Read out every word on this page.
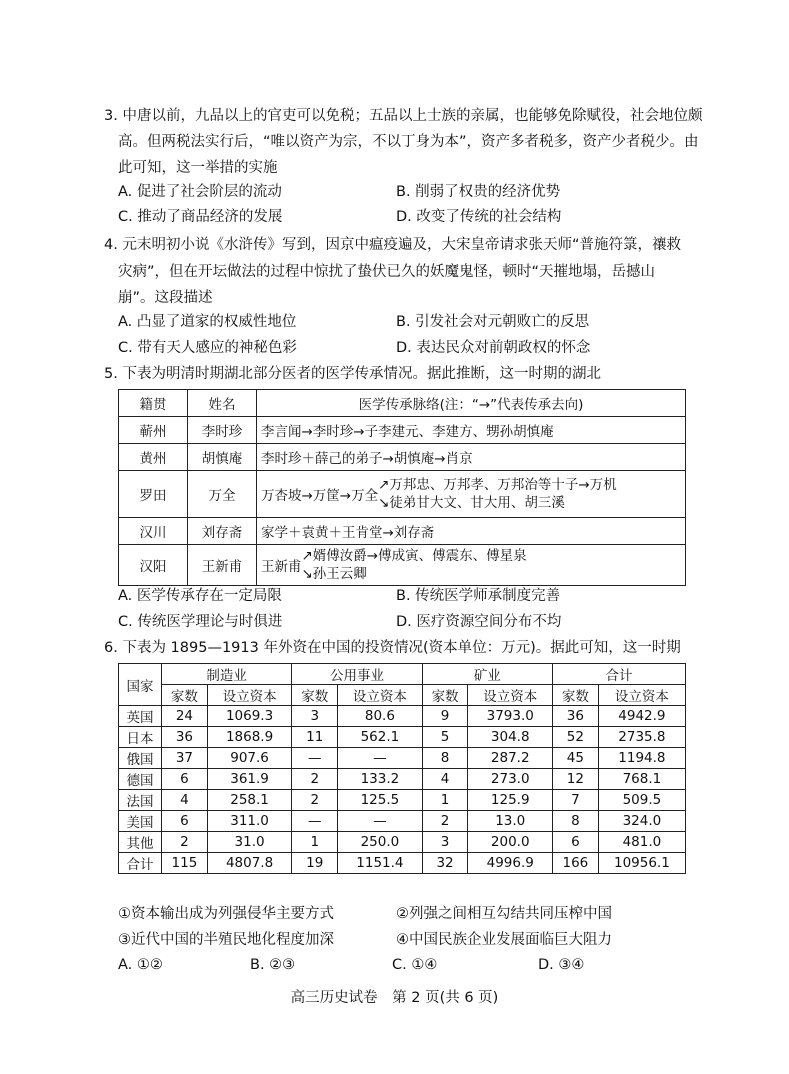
3. 中唐以前，九品以上的官吏可以免税；五品以上士族的亲属，也能够免除赋役，社会地位颇
高。但两税法实行后，“唯以资产为宗，不以丁身为本”，资产多者税多，资产少者税少。由
此可知，这一举措的实施
A. 促进了社会阶层的流动	B. 削弱了权贵的经济优势
C. 推动了商品经济的发展	D. 改变了传统的社会结构
4. 元末明初小说《水浒传》写到，因京中瘟疫遍及，大宋皇帝请求张天师“普施符箓，禳救
灾病”，但在开坛做法的过程中惊扰了蛰伏已久的妖魔鬼怪，顿时“天摧地塌，岳撼山
崩”。这段描述
A. 凸显了道家的权威性地位	B. 引发社会对元朝败亡的反思
C. 带有天人感应的神秘色彩	D. 表达民众对前朝政权的怀念
5. 下表为明清时期湖北部分医者的医学传承情况。据此推断，这一时期的湖北
籍贯	姓名	医学传承脉络(注：“→”代表传承去向)
蕲州	李时珍	李言闻→李时珍→子李建元、李建方、甥孙胡慎庵
黄州	胡慎庵	李时珍＋薛己的弟子→胡慎庵→肖京
罗田	万全	万杏坡→万筐→万全
↗万邦忠、万邦孝、万邦治等十子→万机
↘徒弟甘大文、甘大用、胡三溪

汉川	刘存斋	家学＋袁黄＋王肯堂→刘存斋
汉阳	王新甫	王新甫
↗婿傅汝爵→傅成寅、傅震东、傅星泉
↘孙王云卿
A. 医学传承存在一定局限	B. 传统医学师承制度完善
C. 传统医学理论与时俱进	D. 医疗资源空间分布不均
6. 下表为 1895—1913 年外资在中国的投资情况(资本单位：万元)。据此可知，这一时期
国家	制造业		公用事业		矿业		合计	
	家数	设立资本	家数	设立资本	家数	设立资本	家数	设立资本
英国	24	1069.3	3	80.6	9	3793.0	36	4942.9
日本	36	1868.9	11	562.1	5	304.8	52	2735.8
俄国	37	907.6	—	—	8	287.2	45	1194.8
德国	6	361.9	2	133.2	4	273.0	12	768.1
法国	4	258.1	2	125.5	1	125.9	7	509.5
美国	6	311.0	—	—	2	13.0	8	324.0
其他	2	31.0	1	250.0	3	200.0	6	481.0
合计	115	4807.8	19	1151.4	32	4996.9	166	10956.1
①资本输出成为列强侵华主要方式	②列强之间相互勾结共同压榨中国
③近代中国的半殖民地化程度加深	④中国民族企业发展面临巨大阻力
A. ①②	B. ②③	C. ①④	D. ③④
高三历史试卷　第 2 页(共 6 页)
